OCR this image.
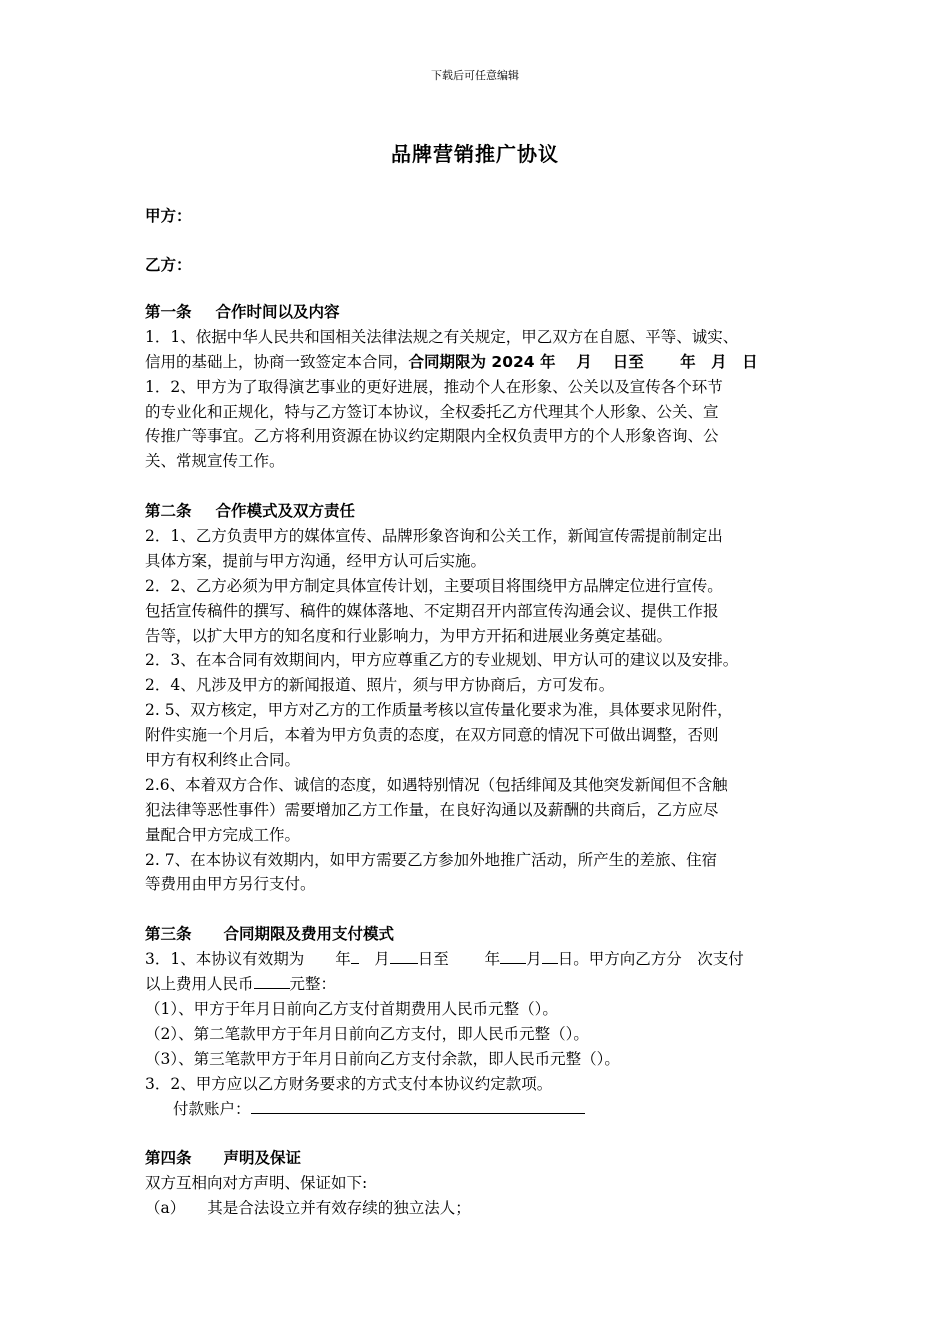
下载后可任意编辑
品牌营销推广协议
甲方：
乙方：
第一条 合作时间以及内容
1．1、依据中华人民共和国相关法律法规之有关规定，甲乙双方在自愿、平等、诚实、
信用的基础上，协商一致签定本合同，合同期限为 2024 年　 月　 日至　　 年　月　日
1．2、甲方为了取得演艺事业的更好进展，推动个人在形象、公关以及宣传各个环节
的专业化和正规化，特与乙方签订本协议，全权委托乙方代理其个人形象、公关、宣
传推广等事宜。乙方将利用资源在协议约定期限内全权负责甲方的个人形象咨询、公
关、常规宣传工作。
第二条 合作模式及双方责任
2．1、乙方负责甲方的媒体宣传、品牌形象咨询和公关工作，新闻宣传需提前制定出
具体方案，提前与甲方沟通，经甲方认可后实施。
2．2、乙方必须为甲方制定具体宣传计划，主要项目将围绕甲方品牌定位进行宣传。
包括宣传稿件的撰写、稿件的媒体落地、不定期召开内部宣传沟通会议、提供工作报
告等，以扩大甲方的知名度和行业影响力，为甲方开拓和进展业务奠定基础。
2．3、在本合同有效期间内，甲方应尊重乙方的专业规划、甲方认可的建议以及安排。
2．4、凡涉及甲方的新闻报道、照片，须与甲方协商后，方可发布。
2. 5、双方核定，甲方对乙方的工作质量考核以宣传量化要求为准，具体要求见附件，
附件实施一个月后，本着为甲方负责的态度，在双方同意的情况下可做出调整，否则
甲方有权利终止合同。
2.6、本着双方合作、诚信的态度，如遇特别情况（包括绯闻及其他突发新闻但不含触
犯法律等恶性事件）需要增加乙方工作量，在良好沟通以及薪酬的共商后，乙方应尽
量配合甲方完成工作。
2. 7、在本协议有效期内，如甲方需要乙方参加外地推广活动，所产生的差旅、住宿
等费用由甲方另行支付。
第三条 合同期限及费用支付模式
3．1、本协议有效期为　　年　月 日至　　 年 月 日。甲方向乙方分　次支付
以上费用人民币 元整：
（1）、甲方于年月日前向乙方支付首期费用人民币元整（）。
（2）、第二笔款甲方于年月日前向乙方支付，即人民币元整（）。
（3）、第三笔款甲方于年月日前向乙方支付余款，即人民币元整（）。
3．2、甲方应以乙方财务要求的方式支付本协议约定款项。
付款账户：
第四条 声明及保证
双方互相向对方声明、保证如下:
（a） 其是合法设立并有效存续的独立法人；
